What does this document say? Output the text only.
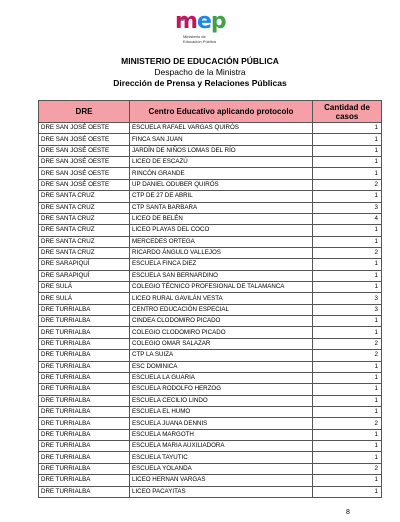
mep
Ministerio de
Educación Pública
MINISTERIO DE EDUCACIÓN PÚBLICA
Despacho de la Ministra
Dirección de Prensa y Relaciones Públicas
DRE	Centro Educativo aplicando protocolo	Cantidad de casos
DRE SAN JOSÉ OESTE	ESCUELA RAFAEL VARGAS QUIRÓS	1
DRE SAN JOSÉ OESTE	FINCA SAN JUAN	1
DRE SAN JOSÉ OESTE	JARDÍN DE NIÑOS LOMAS DEL RÍO	1
DRE SAN JOSÉ OESTE	LICEO DE ESCAZÚ	1
DRE SAN JOSÉ OESTE	RINCÓN GRANDE	1
DRE SAN JOSÉ OESTE	UP DANIEL ODUBER QUIRÓS	2
DRE SANTA CRUZ	CTP DE 27 DE ABRIL	1
DRE SANTA CRUZ	CTP SANTA BARBARA	3
DRE SANTA CRUZ	LICEO DE BELÉN	4
DRE SANTA CRUZ	LICEO PLAYAS DEL COCO	1
DRE SANTA CRUZ	MERCEDES ORTEGA	1
DRE SANTA CRUZ	RICARDO ÁNGULO VALLEJOS	2
DRE SARAPIQUÍ	ESCUELA FINCA DIEZ	1
DRE SARAPIQUÍ	ESCUELA SAN BERNARDINO	1
DRE SULÁ	COLEGIO TÉCNICO PROFESIONAL DE TALAMANCA	1
DRE SULÁ	LICEO RURAL GAVILÁN VESTA	3
DRE TURRIALBA	CENTRO EDUCACIÓN ESPECIAL	3
DRE TURRIALBA	CINDEA CLODOMIRO PICADO	1
DRE TURRIALBA	COLEGIO CLODOMIRO PICADO	1
DRE TURRIALBA	COLEGIO OMAR SALAZAR	2
DRE TURRIALBA	CTP LA SUIZA	2
DRE TURRIALBA	ESC DOMINICA	1
DRE TURRIALBA	ESCUELA LA GUARIA	1
DRE TURRIALBA	ESCUELA RODOLFO HERZOG	1
DRE TURRIALBA	ESCUELA CECILIO LINDO	1
DRE TURRIALBA	ESCUELA EL HUMO	1
DRE TURRIALBA	ESCUELA JUANA DENNIS	2
DRE TURRIALBA	ESCUELA MARGOTH	1
DRE TURRIALBA	ESCUELA MARIA AUXILIADORA	1
DRE TURRIALBA	ESCUELA TAYUTIC	1
DRE TURRIALBA	ESCUELA YOLANDA	2
DRE TURRIALBA	LICEO HERNAN VARGAS	1
DRE TURRIALBA	LICEO PACAYITAS	1
8
